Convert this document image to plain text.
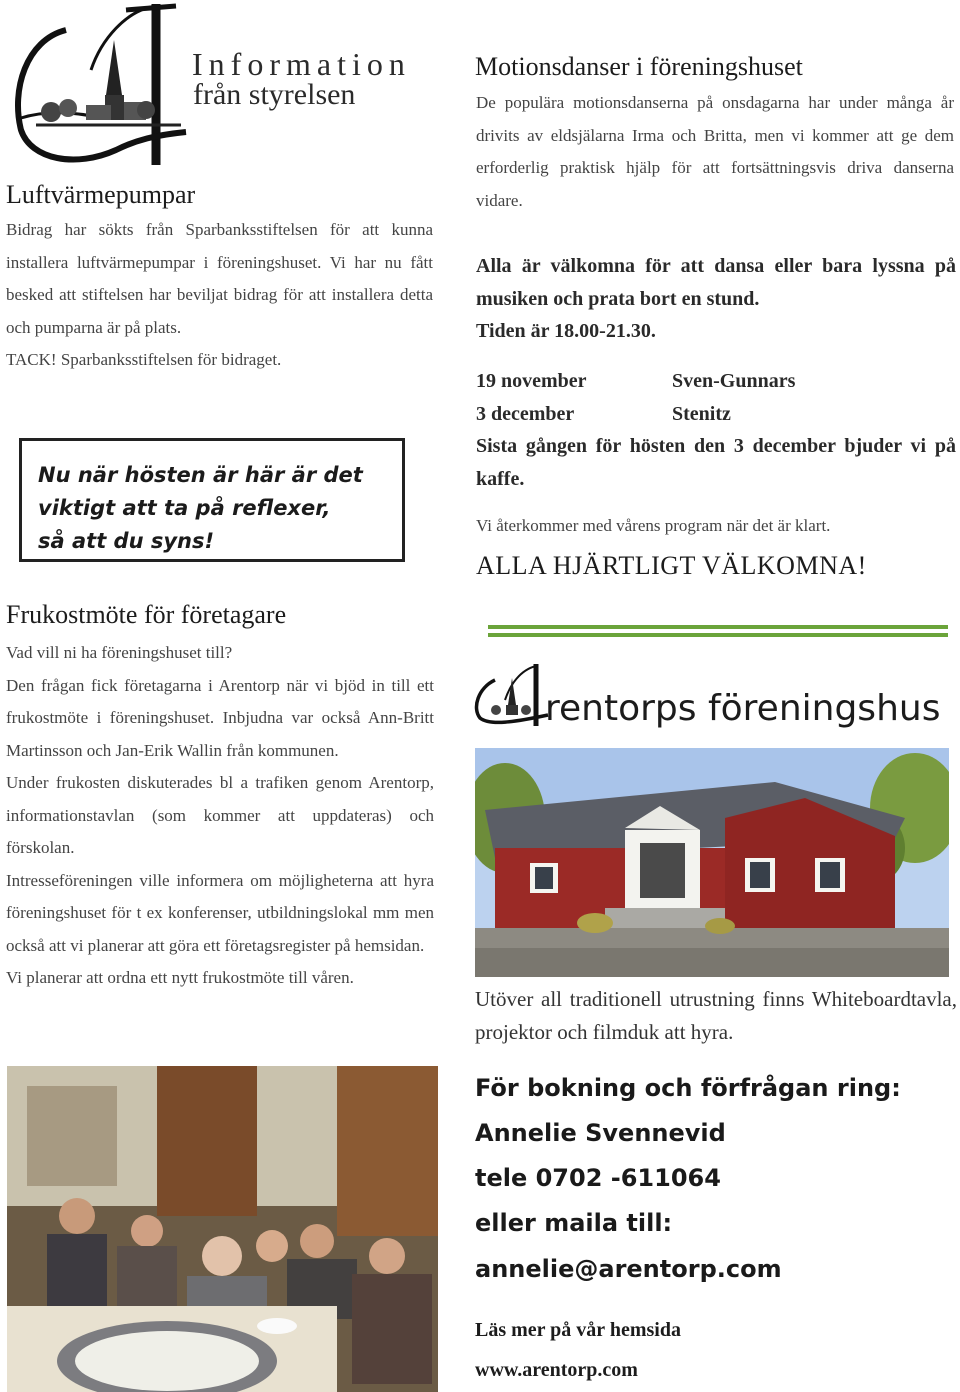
Information
från styrelsen
Luftvärmepumpar

Bidrag har sökts från Sparbanksstiftelsen för att kunna installera luftvärmepumpar i föreningshuset. Vi har nu fått besked att stiftelsen har beviljat bidrag för att installera detta och pumparna är på plats.

TACK! Sparbanksstiftelsen för bidraget.

Nu när hösten är här är det
viktigt att ta på reflexer,
så att du syns!
Frukostmöte för företagare

Vad vill ni ha föreningshuset till?

Den frågan fick företagarna i Arentorp när vi bjöd in till ett frukostmöte i föreningshuset. Inbjudna var också Ann-Britt Martinsson och Jan-Erik Wallin från kommunen.

Under frukosten diskuterades bl a trafiken genom Arentorp, informationstavlan (som kommer att uppdateras) och förskolan.

Intresseföreningen ville informera om möjligheterna att hyra föreningshuset för t ex konferenser, utbildningslokal mm men också att vi planerar att göra ett företagsregister på hemsidan.

Vi planerar att ordna ett nytt frukostmöte till våren.

Motionsdanser i föreningshuset

De populära motionsdanserna på onsdagarna har under många år drivits av eldsjälarna Irma och Britta, men vi kommer att ge dem erforderlig praktisk hjälp för att fortsättningsvis driva danserna vidare.

Alla är välkomna för att dansa eller bara lyssna på musiken och prata bort en stund.
Tiden är 18.00-21.30.
19 november	Sven-Gunnars
3 december	Stenitz
Sista gången för hösten den 3 december bjuder vi på kaffe.
Vi återkommer med vårens program när det är klart.
ALLA HJÄRTLIGT VÄLKOMNA!
rentorps föreningshus

Utöver all traditionell utrustning finns Whiteboardtavla, projektor och filmduk att hyra.

För bokning och förfrågan ring:
Annelie Svennevid
tele 0702 -611064
eller maila till:
annelie@arentorp.com
Läs mer på vår hemsida
www.arentorp.com
